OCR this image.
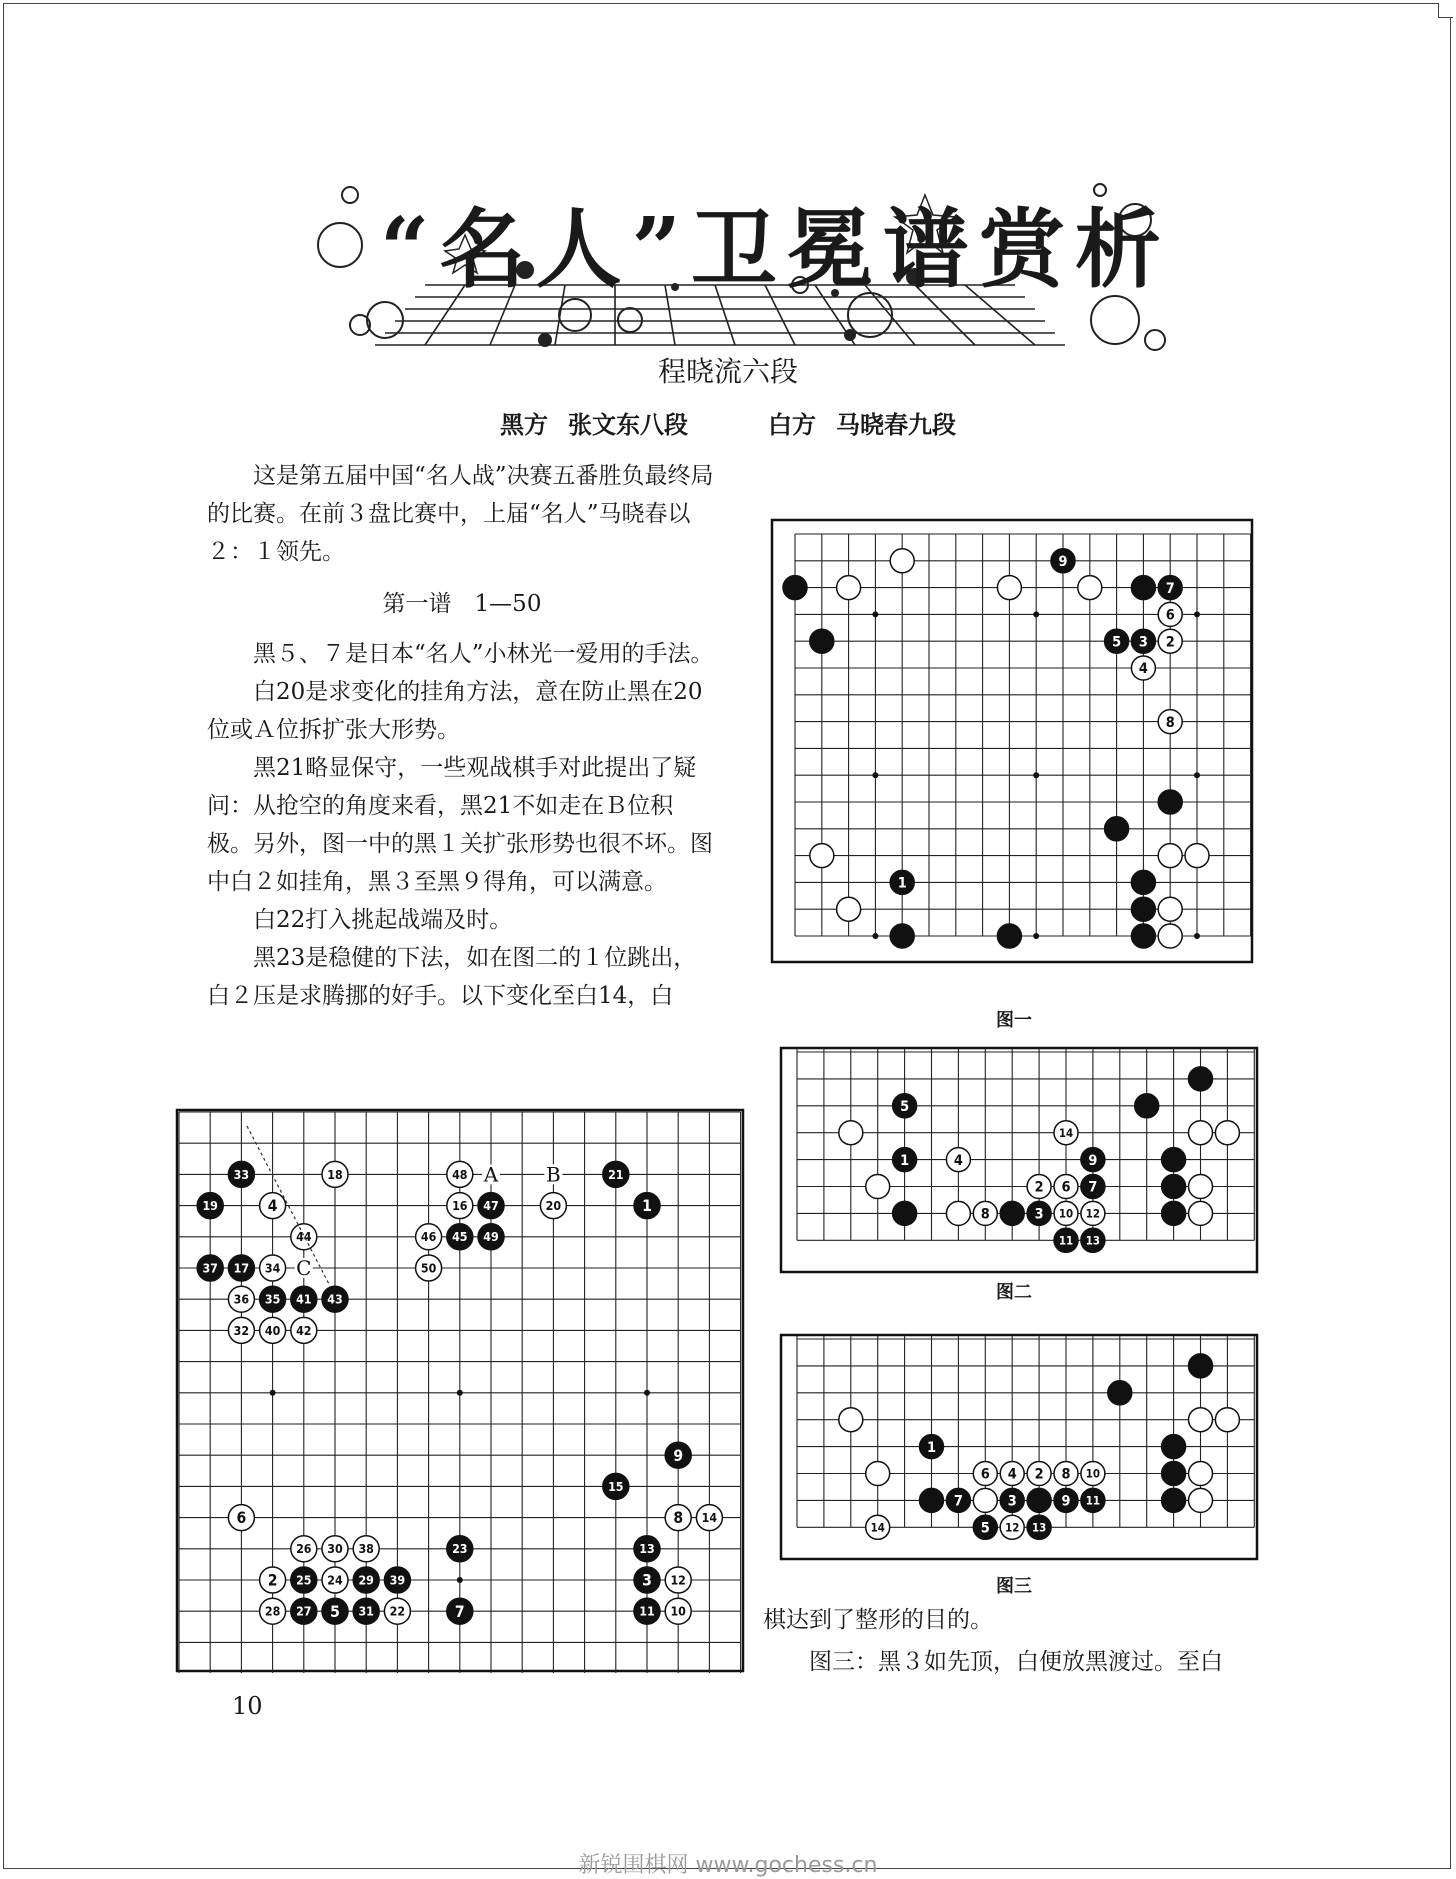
“名人”卫冕谱赏析
程晓流六段
黑方 张文东八段	白方 马晓春九段

这是第五届中国“名人战”决赛五番胜负最终局的比赛。在前３盘比赛中，上届“名人”马晓春以２：１领先。

第一谱　1—50

黑５、７是日本“名人”小林光一爱用的手法。

白20是求变化的挂角方法，意在防止黑在20位或Ａ位拆扩张大形势。

黑21略显保守，一些观战棋手对此提出了疑问：从抢空的角度来看，黑21不如走在Ｂ位积极。另外，图一中的黑１关扩张形势也很不坏。图中白２如挂角，黑３至黑９得角，可以满意。

白22打入挑起战端及时。

黑23是稳健的下法，如在图二的１位跳出，白２压是求腾挪的好手。以下变化至白14，白

9
7
6
5 3 2
4
8
1
图一
5
14
1	4	9
2 6 7
8	3 10 12
11 13
图二
1
6 4 2 8 10
7	3	9 11
14	5 12 13
图三
A B
C
33	18	48	21
19	4	16 47	20	1
44	46 45 49
37 17 34	50
36 35 41 43
32 40 42
9
15
6	8 14
26 30 38	23	13
2 25 24 29 39	3 12
28 27 5 31 22	7	11 10	棋达到了整形的目的。
图三：黑３如先顶，白便放黑渡过。至白
10
新锐围棋网 www.gochess.cn
